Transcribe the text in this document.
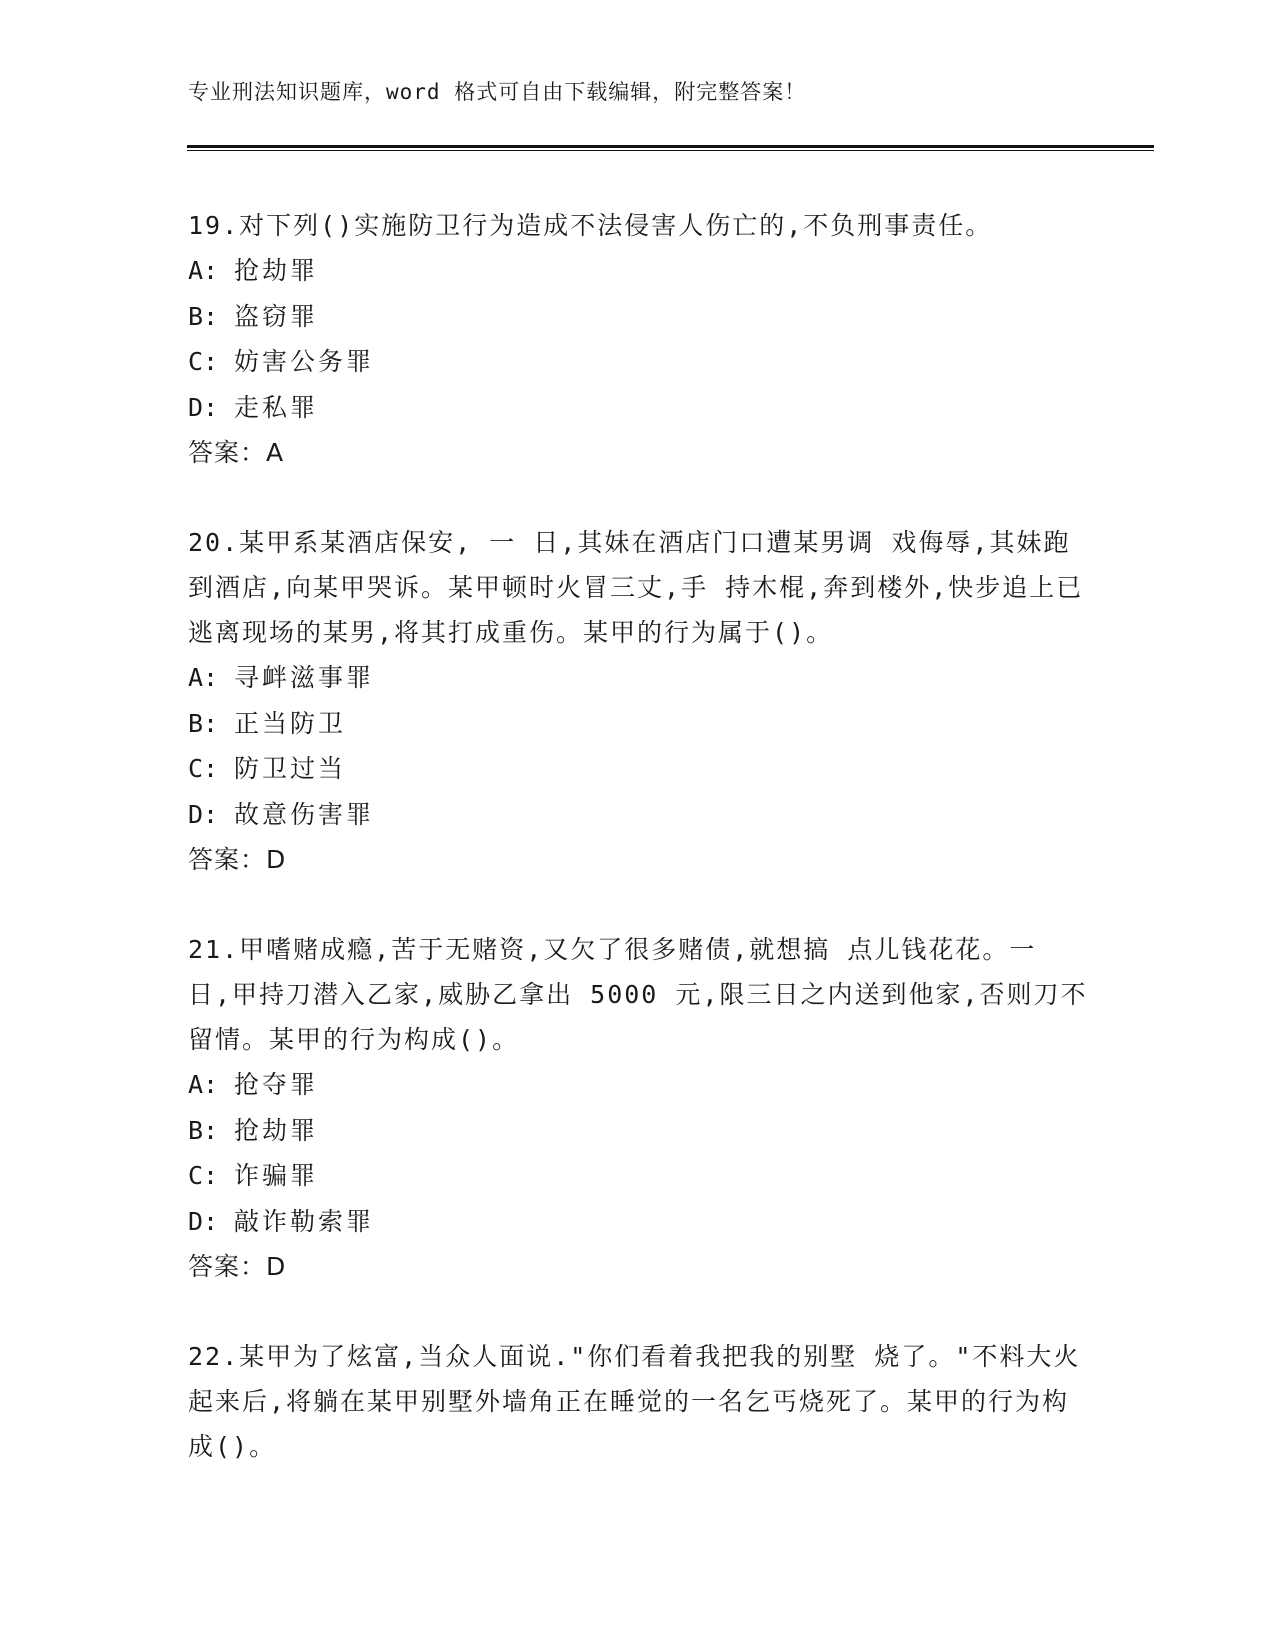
专业刑法知识题库，word 格式可自由下载编辑，附完整答案！

19.对下列()实施防卫行为造成不法侵害人伤亡的,不负刑事责任。

A: 抢劫罪

B: 盗窃罪

C: 妨害公务罪

D: 走私罪

答案：A

20.某甲系某酒店保安, 一 日,其妹在酒店门口遭某男调 戏侮辱,其妹跑到酒店,向某甲哭诉。某甲顿时火冒三丈,手 持木棍,奔到楼外,快步追上已逃离现场的某男,将其打成重伤。某甲的行为属于()。

A: 寻衅滋事罪

B: 正当防卫

C: 防卫过当

D: 故意伤害罪

答案：D

21.甲嗜赌成瘾,苦于无赌资,又欠了很多赌债,就想搞 点儿钱花花。一 日,甲持刀潜入乙家,威胁乙拿出 5000 元,限三日之内送到他家,否则刀不留情。某甲的行为构成()。

A: 抢夺罪

B: 抢劫罪

C: 诈骗罪

D: 敲诈勒索罪

答案：D

22.某甲为了炫富,当众人面说."你们看着我把我的别墅 烧了。"不料大火起来后,将躺在某甲别墅外墙角正在睡觉的一名乞丐烧死了。某甲的行为构成()。
